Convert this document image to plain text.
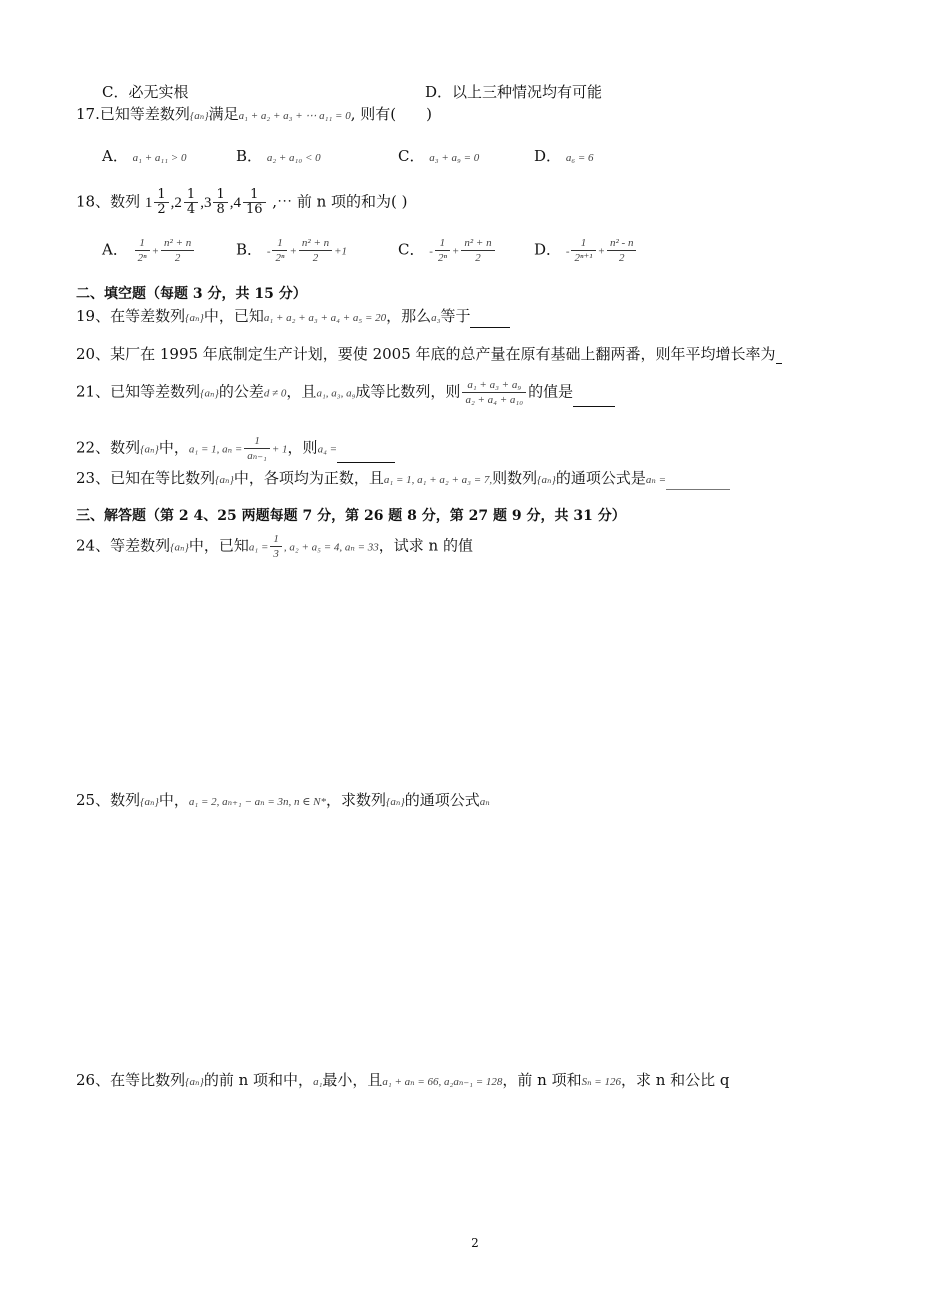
C．必无实根	D．以上三种情况均有可能
17.已知等差数列{aₙ}满足a₁ + a₂ + a₃ + ⋯ a₁₁ = 0, 则有(　　)
A． a₁ + a₁₁ > 0	B． a₂ + a₁₀ < 0	C． a₃ + a₉ = 0	D． a₆ = 6
18、数列 $1 \frac{1}{2} ,2 \frac{1}{4} ,3 \frac{1}{8} ,4 \frac{1}{16}$ ,⋯ 前 n 项的和为( )
A． $\frac{1}{\text{2ⁿ}} + \frac{\text{n² + n}}{2}$	B． - $\frac{1}{\text{2ⁿ}} + \frac{\text{n² + n}}{2} +1$	C． - $\frac{1}{\text{2ⁿ}} + \frac{\text{n² + n}}{2}$	D． - $\frac{1}{\text{2ⁿ⁺¹}} + \frac{\text{n² - n}}{2}$
二、填空题（每题 3 分，共 15 分）
19、在等差数列{aₙ}中，已知a₁ + a₂ + a₃ + a₄ + a₅ = 20，那么a₃等于
20、某厂在 1995 年底制定生产计划，要使 2005 年底的总产量在原有基础上翻两番，则年平均增长率为
21、已知等差数列{aₙ}的公差d ≠ 0，且a₁, a₃, a₉成等比数列，则 $\frac{\text{a₁ + a₃ + a₉}}{\text{a₂ + a₄ + a₁₀}}$ 的值是
22、数列{aₙ}中，a₁ = 1, $a_n = \frac{1}{\text{aₙ₋₁}} + 1$，则a₄ =
23、已知在等比数列{aₙ}中，各项均为正数，且a₁ = 1, a₁ + a₂ + a₃ = 7,则数列{aₙ}的通项公式是aₙ =
三、解答题（第 2 4、25 两题每题 7 分，第 26 题 8 分，第 27 题 9 分，共 31 分）
24、等差数列{aₙ}中，已知$a_1 = \frac{1}{3}$ , a₂ + a₅ = 4, aₙ = 33，试求 n 的值
25、数列{aₙ}中，a₁ = 2, aₙ₊₁ − aₙ = 3n, n ∈ N*，求数列{aₙ}的通项公式aₙ
26、在等比数列{aₙ}的前 n 项和中，a₁最小，且a₁ + aₙ = 66, a₂aₙ₋₁ = 128，前 n 项和Sₙ = 126，求 n 和公比 q
2
